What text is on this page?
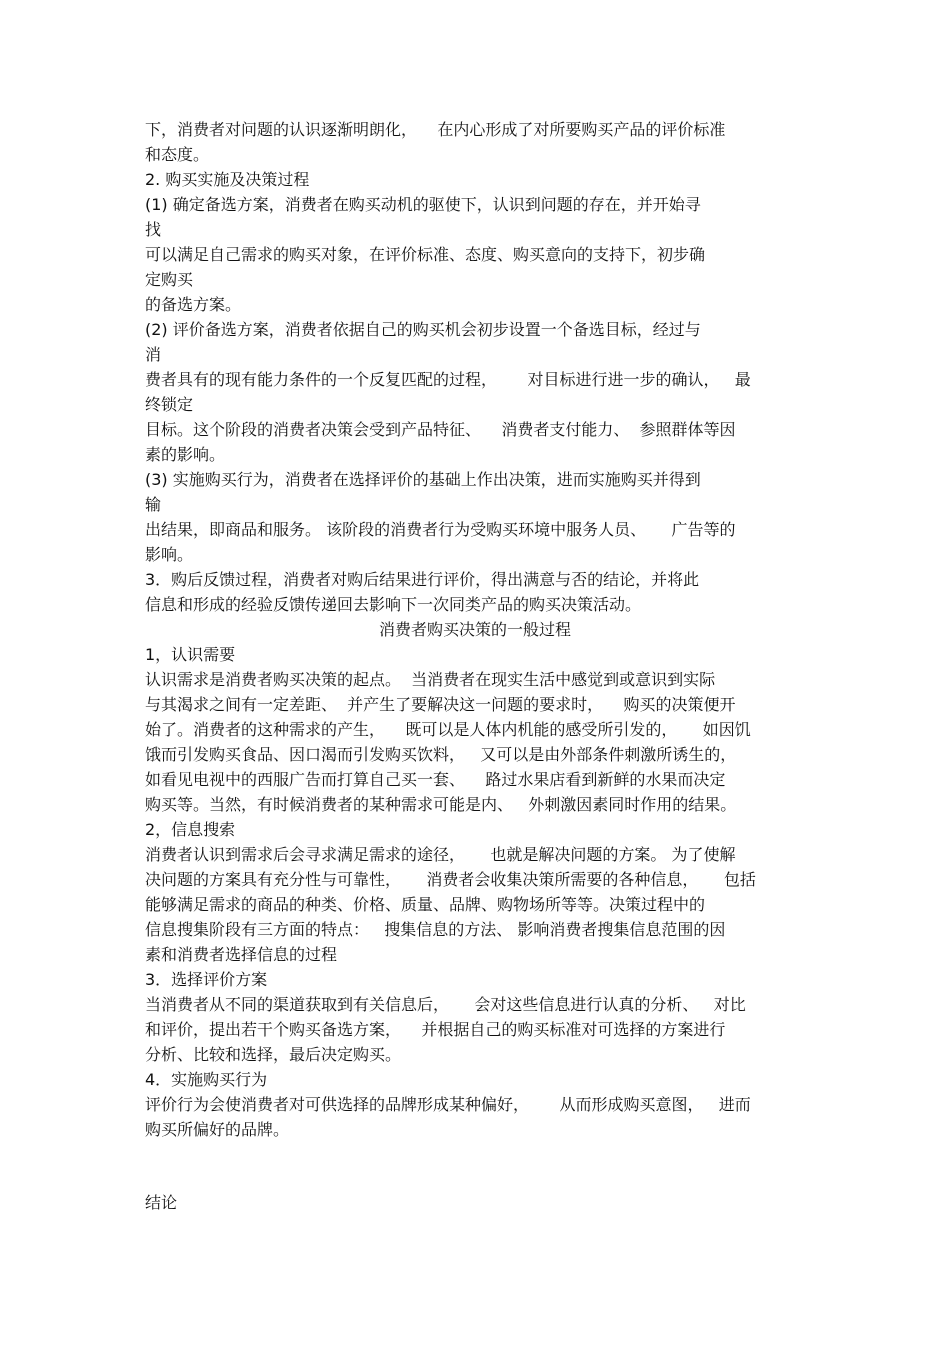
下，消费者对问题的认识逐渐明朗化，    在内心形成了对所要购买产品的评价标准
和态度。
2. 购买实施及决策过程
(1) 确定备选方案，消费者在购买动机的驱使下，认识到问题的存在，并开始寻
找
可以满足自己需求的购买对象，在评价标准、态度、购买意向的支持下，初步确
定购买
的备选方案。
(2) 评价备选方案，消费者依据自己的购买机会初步设置一个备选目标，经过与
消
费者具有的现有能力条件的一个反复匹配的过程，      对目标进行进一步的确认，   最
终锁定
目标。这个阶段的消费者决策会受到产品特征、    消费者支付能力、  参照群体等因
素的影响。
(3) 实施购买行为，消费者在选择评价的基础上作出决策，进而实施购买并得到
输
出结果，即商品和服务。 该阶段的消费者行为受购买环境中服务人员、     广告等的
影响。
3．购后反馈过程，消费者对购后结果进行评价，得出满意与否的结论，并将此
信息和形成的经验反馈传递回去影响下一次同类产品的购买决策活动。
消费者购买决策的一般过程
1，认识需要
认识需求是消费者购买决策的起点。  当消费者在现实生活中感觉到或意识到实际
与其渴求之间有一定差距、  并产生了要解决这一问题的要求时，    购买的决策便开
始了。消费者的这种需求的产生，    既可以是人体内机能的感受所引发的，     如因饥
饿而引发购买食品、因口渴而引发购买饮料，   又可以是由外部条件刺激所诱生的，
如看见电视中的西服广告而打算自己买一套、    路过水果店看到新鲜的水果而决定
购买等。当然，有时候消费者的某种需求可能是内、   外刺激因素同时作用的结果。
2，信息搜索
消费者认识到需求后会寻求满足需求的途径，     也就是解决问题的方案。 为了使解
决问题的方案具有充分性与可靠性，     消费者会收集决策所需要的各种信息，     包括
能够满足需求的商品的种类、价格、质量、品牌、购物场所等等。决策过程中的
信息搜集阶段有三方面的特点：   搜集信息的方法、 影响消费者搜集信息范围的因
素和消费者选择信息的过程
3．选择评价方案
当消费者从不同的渠道获取到有关信息后，     会对这些信息进行认真的分析、   对比
和评价，提出若干个购买备选方案，    并根据自己的购买标准对可选择的方案进行
分析、比较和选择，最后决定购买。
4．实施购买行为
评价行为会使消费者对可供选择的品牌形成某种偏好，      从而形成购买意图，   进而
购买所偏好的品牌。
结论
